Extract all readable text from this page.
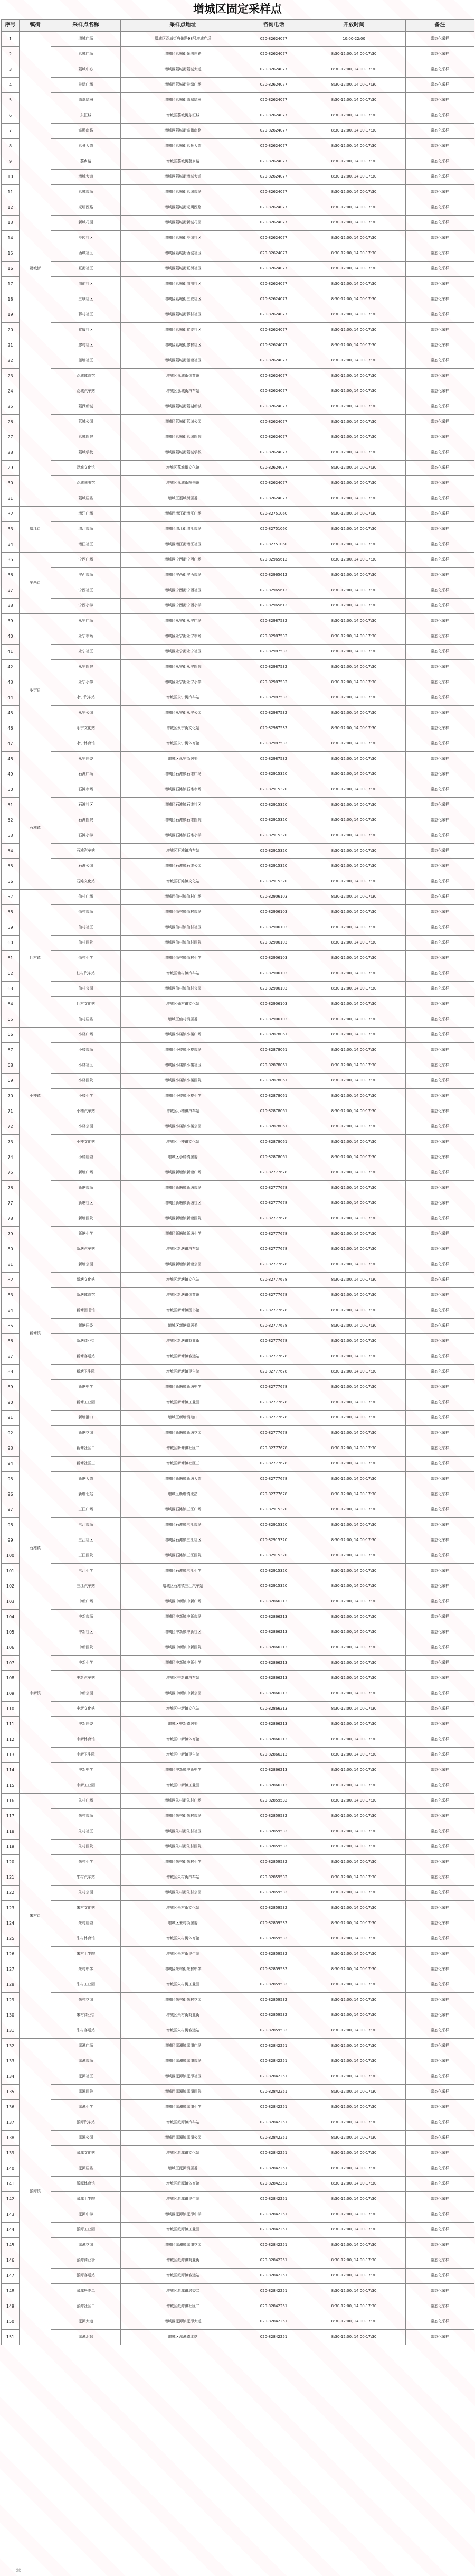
增城区固定采样点
序号	镇街	采样点名称	采样点地址	咨询电话	开放时间	备注
1	荔城街	增城广场	增城区荔城街府佑路98号增城广场	020-82624077	10:00-22:00	常态化采样
2		荔城广场	增城区荔城街光明东路	020-82624077	8:30-12:00, 14:00-17:30	常态化采样
3		荔城中心	增城区荔城街荔城大道	020-82624077	8:30-12:00, 14:00-17:30	常态化采样
4		挂绿广场	增城区荔城街挂绿广场	020-82624077	8:30-12:00, 14:00-17:30	常态化采样
5		翡翠绿洲	增城区荔城街翡翠绿洲	020-82624077	8:30-12:00, 14:00-17:30	常态化采样
6		东汇城	增城区荔城街东汇城	020-82624077	8:30-12:00, 14:00-17:30	常态化采样
7		富鹏南路	增城区荔城街富鹏南路	020-82624077	8:30-12:00, 14:00-17:30	常态化采样
8		荔景大道	增城区荔城街荔景大道	020-82624077	8:30-12:00, 14:00-17:30	常态化采样
9		荔乡路	增城区荔城街荔乡路	020-82624077	8:30-12:00, 14:00-17:30	常态化采样
10		增城大道	增城区荔城街增城大道	020-82624077	8:30-12:00, 14:00-17:30	常态化采样
11		荔城市场	增城区荔城街荔城市场	020-82624077	8:30-12:00, 14:00-17:30	常态化采样
12		光明西路	增城区荔城街光明西路	020-82624077	8:30-12:00, 14:00-17:30	常态化采样
13		新城花园	增城区荔城街新城花园	020-82624077	8:30-12:00, 14:00-17:30	常态化采样
14		沙园社区	增城区荔城街沙园社区	020-82624077	8:30-12:00, 14:00-17:30	常态化采样
15		西城社区	增城区荔城街西城社区	020-82624077	8:30-12:00, 14:00-17:30	常态化采样
16		夏街社区	增城区荔城街夏街社区	020-82624077	8:30-12:00, 14:00-17:30	常态化采样
17		岗前社区	增城区荔城街岗前社区	020-82624077	8:30-12:00, 14:00-17:30	常态化采样
18		三联社区	增城区荔城街三联社区	020-82624077	8:30-12:00, 14:00-17:30	常态化采样
19		蒋村社区	增城区荔城街蒋村社区	020-82624077	8:30-12:00, 14:00-17:30	常态化采样
20		棠厦社区	增城区荔城街棠厦社区	020-82624077	8:30-12:00, 14:00-17:30	常态化采样
21		廖村社区	增城区荔城街廖村社区	020-82624077	8:30-12:00, 14:00-17:30	常态化采样
22		莲塘社区	增城区荔城街莲塘社区	020-82624077	8:30-12:00, 14:00-17:30	常态化采样
23		荔城体育馆	增城区荔城街体育馆	020-82624077	8:30-12:00, 14:00-17:30	常态化采样
24		荔城汽车站	增城区荔城街汽车站	020-82624077	8:30-12:00, 14:00-17:30	常态化采样
25		荔湖新城	增城区荔城街荔湖新城	020-82624077	8:30-12:00, 14:00-17:30	常态化采样
26		荔城公园	增城区荔城街荔城公园	020-82624077	8:30-12:00, 14:00-17:30	常态化采样
27		荔城医院	增城区荔城街荔城医院	020-82624077	8:30-12:00, 14:00-17:30	常态化采样
28		荔城学校	增城区荔城街荔城学校	020-82624077	8:30-12:00, 14:00-17:30	常态化采样
29		荔城文化馆	增城区荔城街文化馆	020-82624077	8:30-12:00, 14:00-17:30	常态化采样
30		荔城图书馆	增城区荔城街图书馆	020-82624077	8:30-12:00, 14:00-17:30	常态化采样
31		荔城居委	增城区荔城街居委	020-82624077	8:30-12:00, 14:00-17:30	常态化采样
32	增江街	增江广场	增城区增江街增江广场	020-82751060	8:30-12:00, 14:00-17:30	常态化采样
33		增江市场	增城区增江街增江市场	020-82751060	8:30-12:00, 14:00-17:30	常态化采样
34		增江社区	增城区增江街增江社区	020-82751060	8:30-12:00, 14:00-17:30	常态化采样
35	宁西街	宁西广场	增城区宁西街宁西广场	020-82965612	8:30-12:00, 14:00-17:30	常态化采样
36		宁西市场	增城区宁西街宁西市场	020-82965612	8:30-12:00, 14:00-17:30	常态化采样
37		宁西社区	增城区宁西街宁西社区	020-82965612	8:30-12:00, 14:00-17:30	常态化采样
38		宁西小学	增城区宁西街宁西小学	020-82965612	8:30-12:00, 14:00-17:30	常态化采样
39	永宁街	永宁广场	增城区永宁街永宁广场	020-82987532	8:30-12:00, 14:00-17:30	常态化采样
40		永宁市场	增城区永宁街永宁市场	020-82987532	8:30-12:00, 14:00-17:30	常态化采样
41		永宁社区	增城区永宁街永宁社区	020-82987532	8:30-12:00, 14:00-17:30	常态化采样
42		永宁医院	增城区永宁街永宁医院	020-82987532	8:30-12:00, 14:00-17:30	常态化采样
43		永宁小学	增城区永宁街永宁小学	020-82987532	8:30-12:00, 14:00-17:30	常态化采样
44		永宁汽车站	增城区永宁街汽车站	020-82987532	8:30-12:00, 14:00-17:30	常态化采样
45		永宁公园	增城区永宁街永宁公园	020-82987532	8:30-12:00, 14:00-17:30	常态化采样
46		永宁文化站	增城区永宁街文化站	020-82987532	8:30-12:00, 14:00-17:30	常态化采样
47		永宁体育馆	增城区永宁街体育馆	020-82987532	8:30-12:00, 14:00-17:30	常态化采样
48		永宁居委	增城区永宁街居委	020-82987532	8:30-12:00, 14:00-17:30	常态化采样
49	石滩镇	石滩广场	增城区石滩镇石滩广场	020-82915320	8:30-12:00, 14:00-17:30	常态化采样
50		石滩市场	增城区石滩镇石滩市场	020-82915320	8:30-12:00, 14:00-17:30	常态化采样
51		石滩社区	增城区石滩镇石滩社区	020-82915320	8:30-12:00, 14:00-17:30	常态化采样
52		石滩医院	增城区石滩镇石滩医院	020-82915320	8:30-12:00, 14:00-17:30	常态化采样
53		石滩小学	增城区石滩镇石滩小学	020-82915320	8:30-12:00, 14:00-17:30	常态化采样
54		石滩汽车站	增城区石滩镇汽车站	020-82915320	8:30-12:00, 14:00-17:30	常态化采样
55		石滩公园	增城区石滩镇石滩公园	020-82915320	8:30-12:00, 14:00-17:30	常态化采样
56		石滩文化站	增城区石滩镇文化站	020-82915320	8:30-12:00, 14:00-17:30	常态化采样
57	仙村镇	仙村广场	增城区仙村镇仙村广场	020-82906103	8:30-12:00, 14:00-17:30	常态化采样
58		仙村市场	增城区仙村镇仙村市场	020-82906103	8:30-12:00, 14:00-17:30	常态化采样
59		仙村社区	增城区仙村镇仙村社区	020-82906103	8:30-12:00, 14:00-17:30	常态化采样
60		仙村医院	增城区仙村镇仙村医院	020-82906103	8:30-12:00, 14:00-17:30	常态化采样
61		仙村小学	增城区仙村镇仙村小学	020-82906103	8:30-12:00, 14:00-17:30	常态化采样
62		仙村汽车站	增城区仙村镇汽车站	020-82906103	8:30-12:00, 14:00-17:30	常态化采样
63		仙村公园	增城区仙村镇仙村公园	020-82906103	8:30-12:00, 14:00-17:30	常态化采样
64		仙村文化站	增城区仙村镇文化站	020-82906103	8:30-12:00, 14:00-17:30	常态化采样
65		仙村居委	增城区仙村镇居委	020-82906103	8:30-12:00, 14:00-17:30	常态化采样
66	小楼镇	小楼广场	增城区小楼镇小楼广场	020-82878061	8:30-12:00, 14:00-17:30	常态化采样
67		小楼市场	增城区小楼镇小楼市场	020-82878061	8:30-12:00, 14:00-17:30	常态化采样
68		小楼社区	增城区小楼镇小楼社区	020-82878061	8:30-12:00, 14:00-17:30	常态化采样
69		小楼医院	增城区小楼镇小楼医院	020-82878061	8:30-12:00, 14:00-17:30	常态化采样
70		小楼小学	增城区小楼镇小楼小学	020-82878061	8:30-12:00, 14:00-17:30	常态化采样
71		小楼汽车站	增城区小楼镇汽车站	020-82878061	8:30-12:00, 14:00-17:30	常态化采样
72		小楼公园	增城区小楼镇小楼公园	020-82878061	8:30-12:00, 14:00-17:30	常态化采样
73		小楼文化站	增城区小楼镇文化站	020-82878061	8:30-12:00, 14:00-17:30	常态化采样
74		小楼居委	增城区小楼镇居委	020-82878061	8:30-12:00, 14:00-17:30	常态化采样
75	新塘镇	新塘广场	增城区新塘镇新塘广场	020-82777678	8:30-12:00, 14:00-17:30	常态化采样
76		新塘市场	增城区新塘镇新塘市场	020-82777678	8:30-12:00, 14:00-17:30	常态化采样
77		新塘社区	增城区新塘镇新塘社区	020-82777678	8:30-12:00, 14:00-17:30	常态化采样
78		新塘医院	增城区新塘镇新塘医院	020-82777678	8:30-12:00, 14:00-17:30	常态化采样
79		新塘小学	增城区新塘镇新塘小学	020-82777678	8:30-12:00, 14:00-17:30	常态化采样
80		新塘汽车站	增城区新塘镇汽车站	020-82777678	8:30-12:00, 14:00-17:30	常态化采样
81		新塘公园	增城区新塘镇新塘公园	020-82777678	8:30-12:00, 14:00-17:30	常态化采样
82		新塘文化站	增城区新塘镇文化站	020-82777678	8:30-12:00, 14:00-17:30	常态化采样
83		新塘体育馆	增城区新塘镇体育馆	020-82777678	8:30-12:00, 14:00-17:30	常态化采样
84		新塘图书馆	增城区新塘镇图书馆	020-82777678	8:30-12:00, 14:00-17:30	常态化采样
85		新塘居委	增城区新塘镇居委	020-82777678	8:30-12:00, 14:00-17:30	常态化采样
86		新塘商业街	增城区新塘镇商业街	020-82777678	8:30-12:00, 14:00-17:30	常态化采样
87		新塘客运站	增城区新塘镇客运站	020-82777678	8:30-12:00, 14:00-17:30	常态化采样
88		新塘卫生院	增城区新塘镇卫生院	020-82777678	8:30-12:00, 14:00-17:30	常态化采样
89		新塘中学	增城区新塘镇新塘中学	020-82777678	8:30-12:00, 14:00-17:30	常态化采样
90		新塘工业园	增城区新塘镇工业园	020-82777678	8:30-12:00, 14:00-17:30	常态化采样
91		新塘港口	增城区新塘镇港口	020-82777678	8:30-12:00, 14:00-17:30	常态化采样
92		新塘花园	增城区新塘镇新塘花园	020-82777678	8:30-12:00, 14:00-17:30	常态化采样
93		新塘社区二	增城区新塘镇社区二	020-82777678	8:30-12:00, 14:00-17:30	常态化采样
94		新塘社区三	增城区新塘镇社区三	020-82777678	8:30-12:00, 14:00-17:30	常态化采样
95		新塘大道	增城区新塘镇新塘大道	020-82777678	8:30-12:00, 14:00-17:30	常态化采样
96		新塘北站	增城区新塘镇北站	020-82777678	8:30-12:00, 14:00-17:30	常态化采样
97	石滩镇	三江广场	增城区石滩镇三江广场	020-82915320	8:30-12:00, 14:00-17:30	常态化采样
98		三江市场	增城区石滩镇三江市场	020-82915320	8:30-12:00, 14:00-17:30	常态化采样
99		三江社区	增城区石滩镇三江社区	020-82915320	8:30-12:00, 14:00-17:30	常态化采样
100		三江医院	增城区石滩镇三江医院	020-82915320	8:30-12:00, 14:00-17:30	常态化采样
101		三江小学	增城区石滩镇三江小学	020-82915320	8:30-12:00, 14:00-17:30	常态化采样
102		三江汽车站	增城区石滩镇三江汽车站	020-82915320	8:30-12:00, 14:00-17:30	常态化采样
103	中新镇	中新广场	增城区中新镇中新广场	020-82866213	8:30-12:00, 14:00-17:30	常态化采样
104		中新市场	增城区中新镇中新市场	020-82866213	8:30-12:00, 14:00-17:30	常态化采样
105		中新社区	增城区中新镇中新社区	020-82866213	8:30-12:00, 14:00-17:30	常态化采样
106		中新医院	增城区中新镇中新医院	020-82866213	8:30-12:00, 14:00-17:30	常态化采样
107		中新小学	增城区中新镇中新小学	020-82866213	8:30-12:00, 14:00-17:30	常态化采样
108		中新汽车站	增城区中新镇汽车站	020-82866213	8:30-12:00, 14:00-17:30	常态化采样
109		中新公园	增城区中新镇中新公园	020-82866213	8:30-12:00, 14:00-17:30	常态化采样
110		中新文化站	增城区中新镇文化站	020-82866213	8:30-12:00, 14:00-17:30	常态化采样
111		中新居委	增城区中新镇居委	020-82866213	8:30-12:00, 14:00-17:30	常态化采样
112		中新体育馆	增城区中新镇体育馆	020-82866213	8:30-12:00, 14:00-17:30	常态化采样
113		中新卫生院	增城区中新镇卫生院	020-82866213	8:30-12:00, 14:00-17:30	常态化采样
114		中新中学	增城区中新镇中新中学	020-82866213	8:30-12:00, 14:00-17:30	常态化采样
115		中新工业园	增城区中新镇工业园	020-82866213	8:30-12:00, 14:00-17:30	常态化采样
116	朱村街	朱村广场	增城区朱村街朱村广场	020-82859532	8:30-12:00, 14:00-17:30	常态化采样
117		朱村市场	增城区朱村街朱村市场	020-82859532	8:30-12:00, 14:00-17:30	常态化采样
118		朱村社区	增城区朱村街朱村社区	020-82859532	8:30-12:00, 14:00-17:30	常态化采样
119		朱村医院	增城区朱村街朱村医院	020-82859532	8:30-12:00, 14:00-17:30	常态化采样
120		朱村小学	增城区朱村街朱村小学	020-82859532	8:30-12:00, 14:00-17:30	常态化采样
121		朱村汽车站	增城区朱村街汽车站	020-82859532	8:30-12:00, 14:00-17:30	常态化采样
122		朱村公园	增城区朱村街朱村公园	020-82859532	8:30-12:00, 14:00-17:30	常态化采样
123		朱村文化站	增城区朱村街文化站	020-82859532	8:30-12:00, 14:00-17:30	常态化采样
124		朱村居委	增城区朱村街居委	020-82859532	8:30-12:00, 14:00-17:30	常态化采样
125		朱村体育馆	增城区朱村街体育馆	020-82859532	8:30-12:00, 14:00-17:30	常态化采样
126		朱村卫生院	增城区朱村街卫生院	020-82859532	8:30-12:00, 14:00-17:30	常态化采样
127		朱村中学	增城区朱村街朱村中学	020-82859532	8:30-12:00, 14:00-17:30	常态化采样
128		朱村工业园	增城区朱村街工业园	020-82859532	8:30-12:00, 14:00-17:30	常态化采样
129		朱村花园	增城区朱村街朱村花园	020-82859532	8:30-12:00, 14:00-17:30	常态化采样
130		朱村商业街	增城区朱村街商业街	020-82859532	8:30-12:00, 14:00-17:30	常态化采样
131		朱村客运站	增城区朱村街客运站	020-82859532	8:30-12:00, 14:00-17:30	常态化采样
132	派潭镇	派潭广场	增城区派潭镇派潭广场	020-82842251	8:30-12:00, 14:00-17:30	常态化采样
133		派潭市场	增城区派潭镇派潭市场	020-82842251	8:30-12:00, 14:00-17:30	常态化采样
134		派潭社区	增城区派潭镇派潭社区	020-82842251	8:30-12:00, 14:00-17:30	常态化采样
135		派潭医院	增城区派潭镇派潭医院	020-82842251	8:30-12:00, 14:00-17:30	常态化采样
136		派潭小学	增城区派潭镇派潭小学	020-82842251	8:30-12:00, 14:00-17:30	常态化采样
137		派潭汽车站	增城区派潭镇汽车站	020-82842251	8:30-12:00, 14:00-17:30	常态化采样
138		派潭公园	增城区派潭镇派潭公园	020-82842251	8:30-12:00, 14:00-17:30	常态化采样
139		派潭文化站	增城区派潭镇文化站	020-82842251	8:30-12:00, 14:00-17:30	常态化采样
140		派潭居委	增城区派潭镇居委	020-82842251	8:30-12:00, 14:00-17:30	常态化采样
141		派潭体育馆	增城区派潭镇体育馆	020-82842251	8:30-12:00, 14:00-17:30	常态化采样
142		派潭卫生院	增城区派潭镇卫生院	020-82842251	8:30-12:00, 14:00-17:30	常态化采样
143		派潭中学	增城区派潭镇派潭中学	020-82842251	8:30-12:00, 14:00-17:30	常态化采样
144		派潭工业园	增城区派潭镇工业园	020-82842251	8:30-12:00, 14:00-17:30	常态化采样
145		派潭花园	增城区派潭镇派潭花园	020-82842251	8:30-12:00, 14:00-17:30	常态化采样
146		派潭商业街	增城区派潭镇商业街	020-82842251	8:30-12:00, 14:00-17:30	常态化采样
147		派潭客运站	增城区派潭镇客运站	020-82842251	8:30-12:00, 14:00-17:30	常态化采样
148		派潭居委二	增城区派潭镇居委二	020-82842251	8:30-12:00, 14:00-17:30	常态化采样
149		派潭社区二	增城区派潭镇社区二	020-82842251	8:30-12:00, 14:00-17:30	常态化采样
150		派潭大道	增城区派潭镇派潭大道	020-82842251	8:30-12:00, 14:00-17:30	常态化采样
151		派潭北站	增城区派潭镇北站	020-82842251	8:30-12:00, 14:00-17:30	常态化采样
⌘
